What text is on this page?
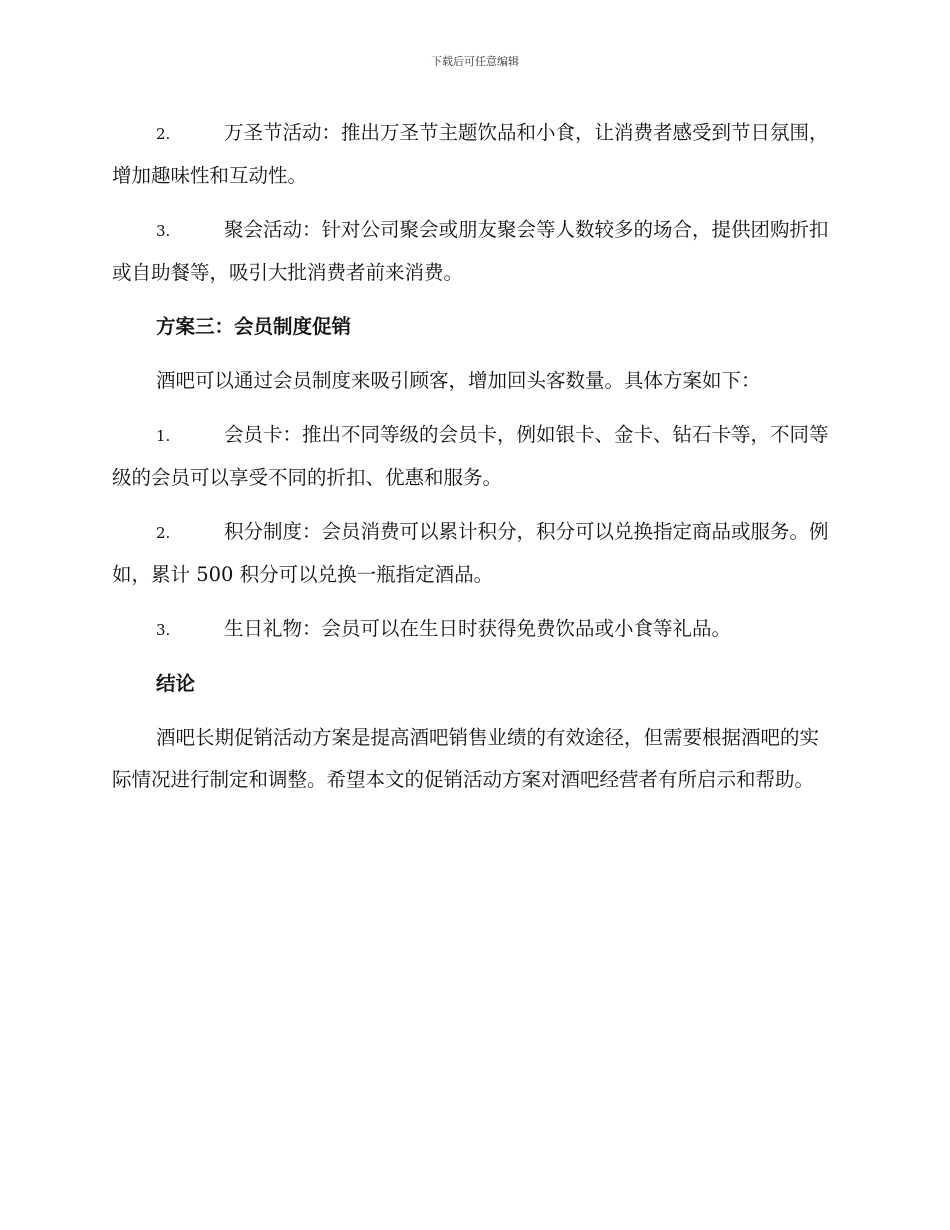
下载后可任意编辑
2.	万圣节活动：推出万圣节主题饮品和小食，让消费者感受到节日氛围，增加趣味性和互动性。
3.	聚会活动：针对公司聚会或朋友聚会等人数较多的场合，提供团购折扣或自助餐等，吸引大批消费者前来消费。
方案三：会员制度促销
酒吧可以通过会员制度来吸引顾客，增加回头客数量。具体方案如下：
1.	会员卡：推出不同等级的会员卡，例如银卡、金卡、钻石卡等，不同等级的会员可以享受不同的折扣、优惠和服务。
2.	积分制度：会员消费可以累计积分，积分可以兑换指定商品或服务。例如，累计 500 积分可以兑换一瓶指定酒品。
3.	生日礼物：会员可以在生日时获得免费饮品或小食等礼品。
结论
酒吧长期促销活动方案是提高酒吧销售业绩的有效途径，但需要根据酒吧的实际情况进行制定和调整。希望本文的促销活动方案对酒吧经营者有所启示和帮助。
